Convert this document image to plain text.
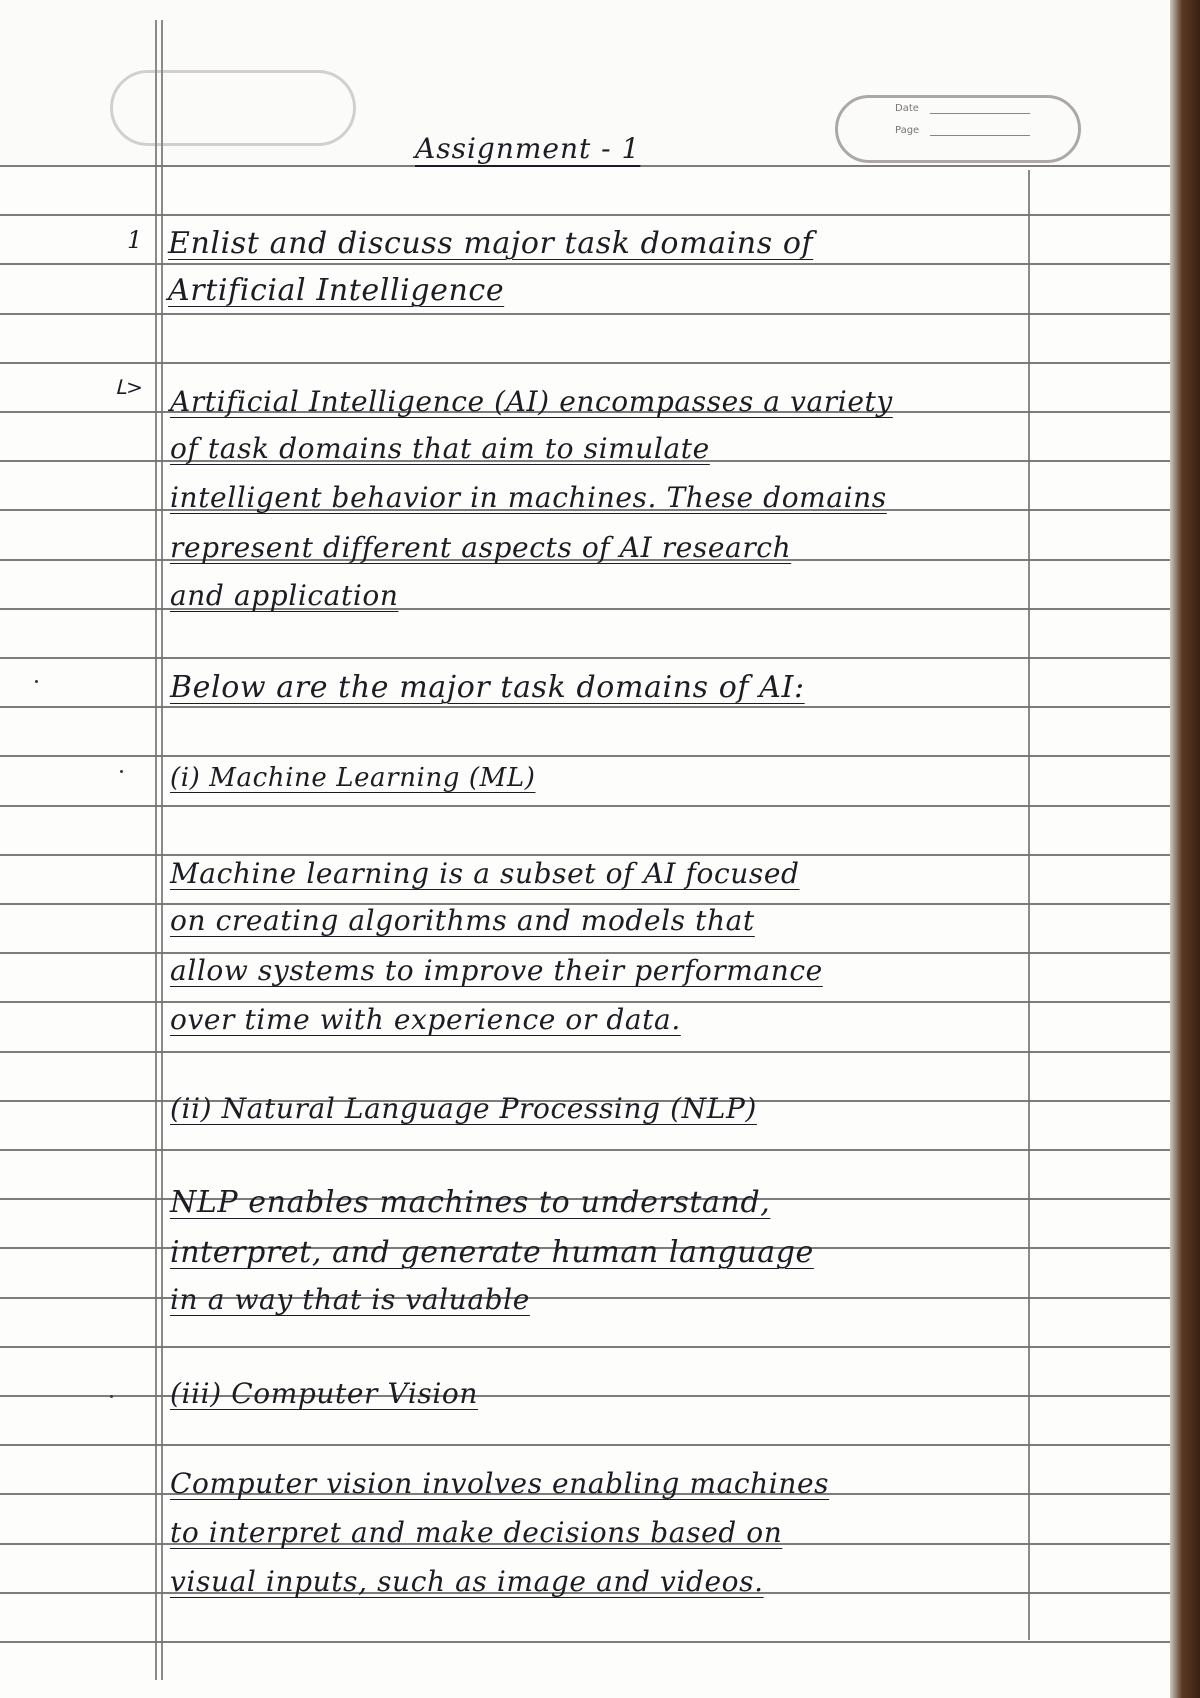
Date
Page
Assignment - 1
1 Enlist and discuss major task domains of
Artificial Intelligence
ᒪ> Artificial Intelligence (AI) encompasses a variety
of task domains that aim to simulate
intelligent behavior in machines. These domains
represent different aspects of AI research
and application
Below are the major task domains of AI:
(i) Machine Learning (ML)
Machine learning is a subset of AI focused
on creating algorithms and models that
allow systems to improve their performance
over time with experience or data.
(ii) Natural Language Processing (NLP)
NLP enables machines to understand,
interpret, and generate human language
in a way that is valuable
(iii) Computer Vision
Computer vision involves enabling machines
to interpret and make decisions based on
visual inputs, such as image and videos.
